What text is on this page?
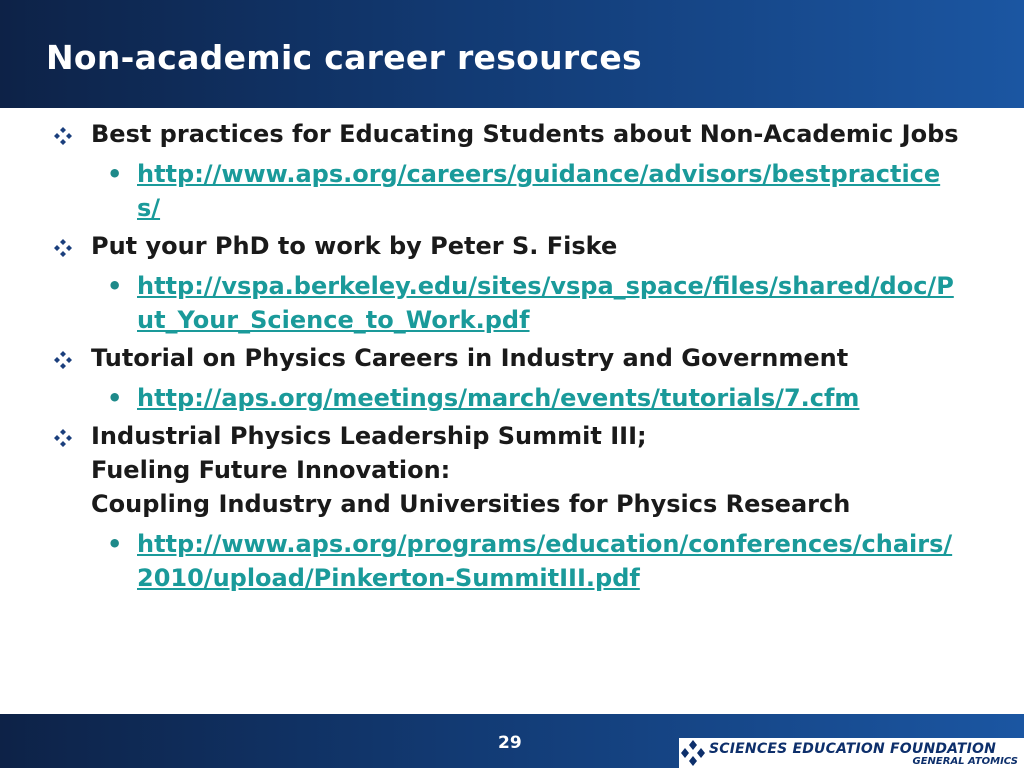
Non-academic career resources
Best practices for Educating Students about Non-Academic Jobs
• http://www.aps.org/careers/guidance/advisors/bestpractices/
Put your PhD to work by Peter S. Fiske
• http://vspa.berkeley.edu/sites/vspa_space/files/shared/doc/Put_Your_Science_to_Work.pdf
Tutorial on Physics Careers in Industry and Government
• http://aps.org/meetings/march/events/tutorials/7.cfm
Industrial Physics Leadership Summit III;
Fueling Future Innovation:
Coupling Industry and Universities for Physics Research
• http://www.aps.org/programs/education/conferences/chairs/2010/upload/Pinkerton-SummitIII.pdf
29	SCIENCES EDUCATION FOUNDATION
GENERAL ATOMICS
